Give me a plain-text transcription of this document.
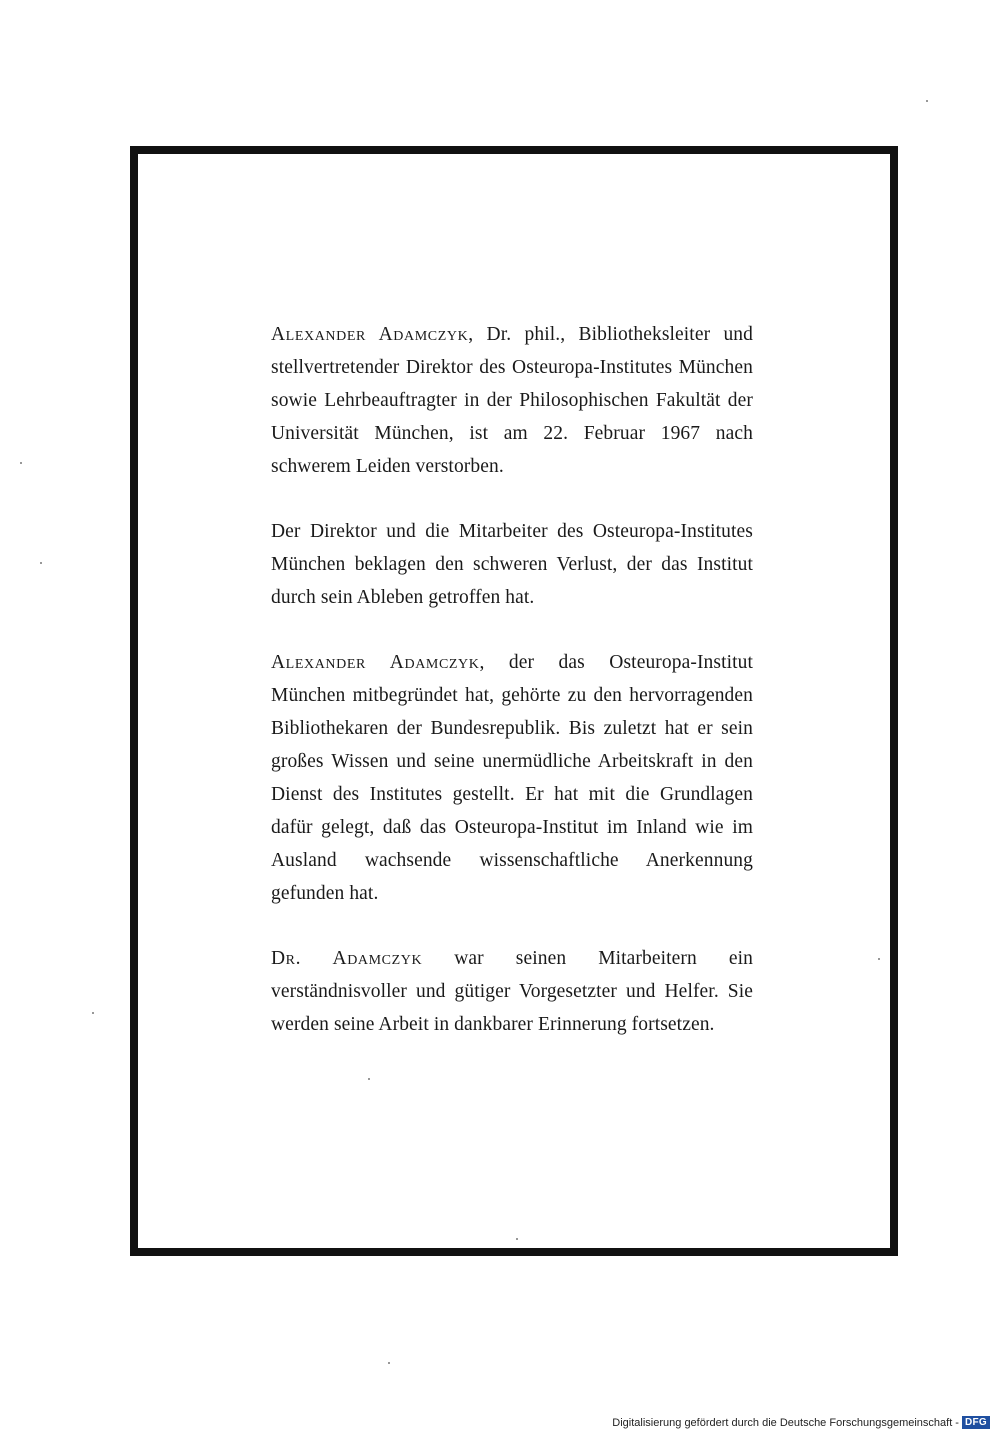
Alexander Adamczyk, Dr. phil., Bibliotheksleiter und stellvertretender Direktor des Osteuropa-Institutes München sowie Lehrbeauftragter in der Philosophischen Fakultät der Universität München, ist am 22. Februar 1967 nach schwerem Leiden verstorben.

Der Direktor und die Mitarbeiter des Osteuropa-Institutes München beklagen den schweren Verlust, der das Institut durch sein Ableben getroffen hat.

Alexander Adamczyk, der das Osteuropa-Institut München mitbegründet hat, gehörte zu den hervorragenden Bibliothekaren der Bundesrepublik. Bis zuletzt hat er sein großes Wissen und seine unermüdliche Arbeitskraft in den Dienst des Institutes gestellt. Er hat mit die Grundlagen dafür gelegt, daß das Osteuropa-Institut im Inland wie im Ausland wachsende wissenschaftliche Anerkennung gefunden hat.

Dr. Adamczyk war seinen Mitarbeitern ein verständnisvoller und gütiger Vorgesetzter und Helfer. Sie werden seine Arbeit in dankbarer Erinnerung fortsetzen.

Digitalisierung gefördert durch die Deutsche Forschungsgemeinschaft - DFG
